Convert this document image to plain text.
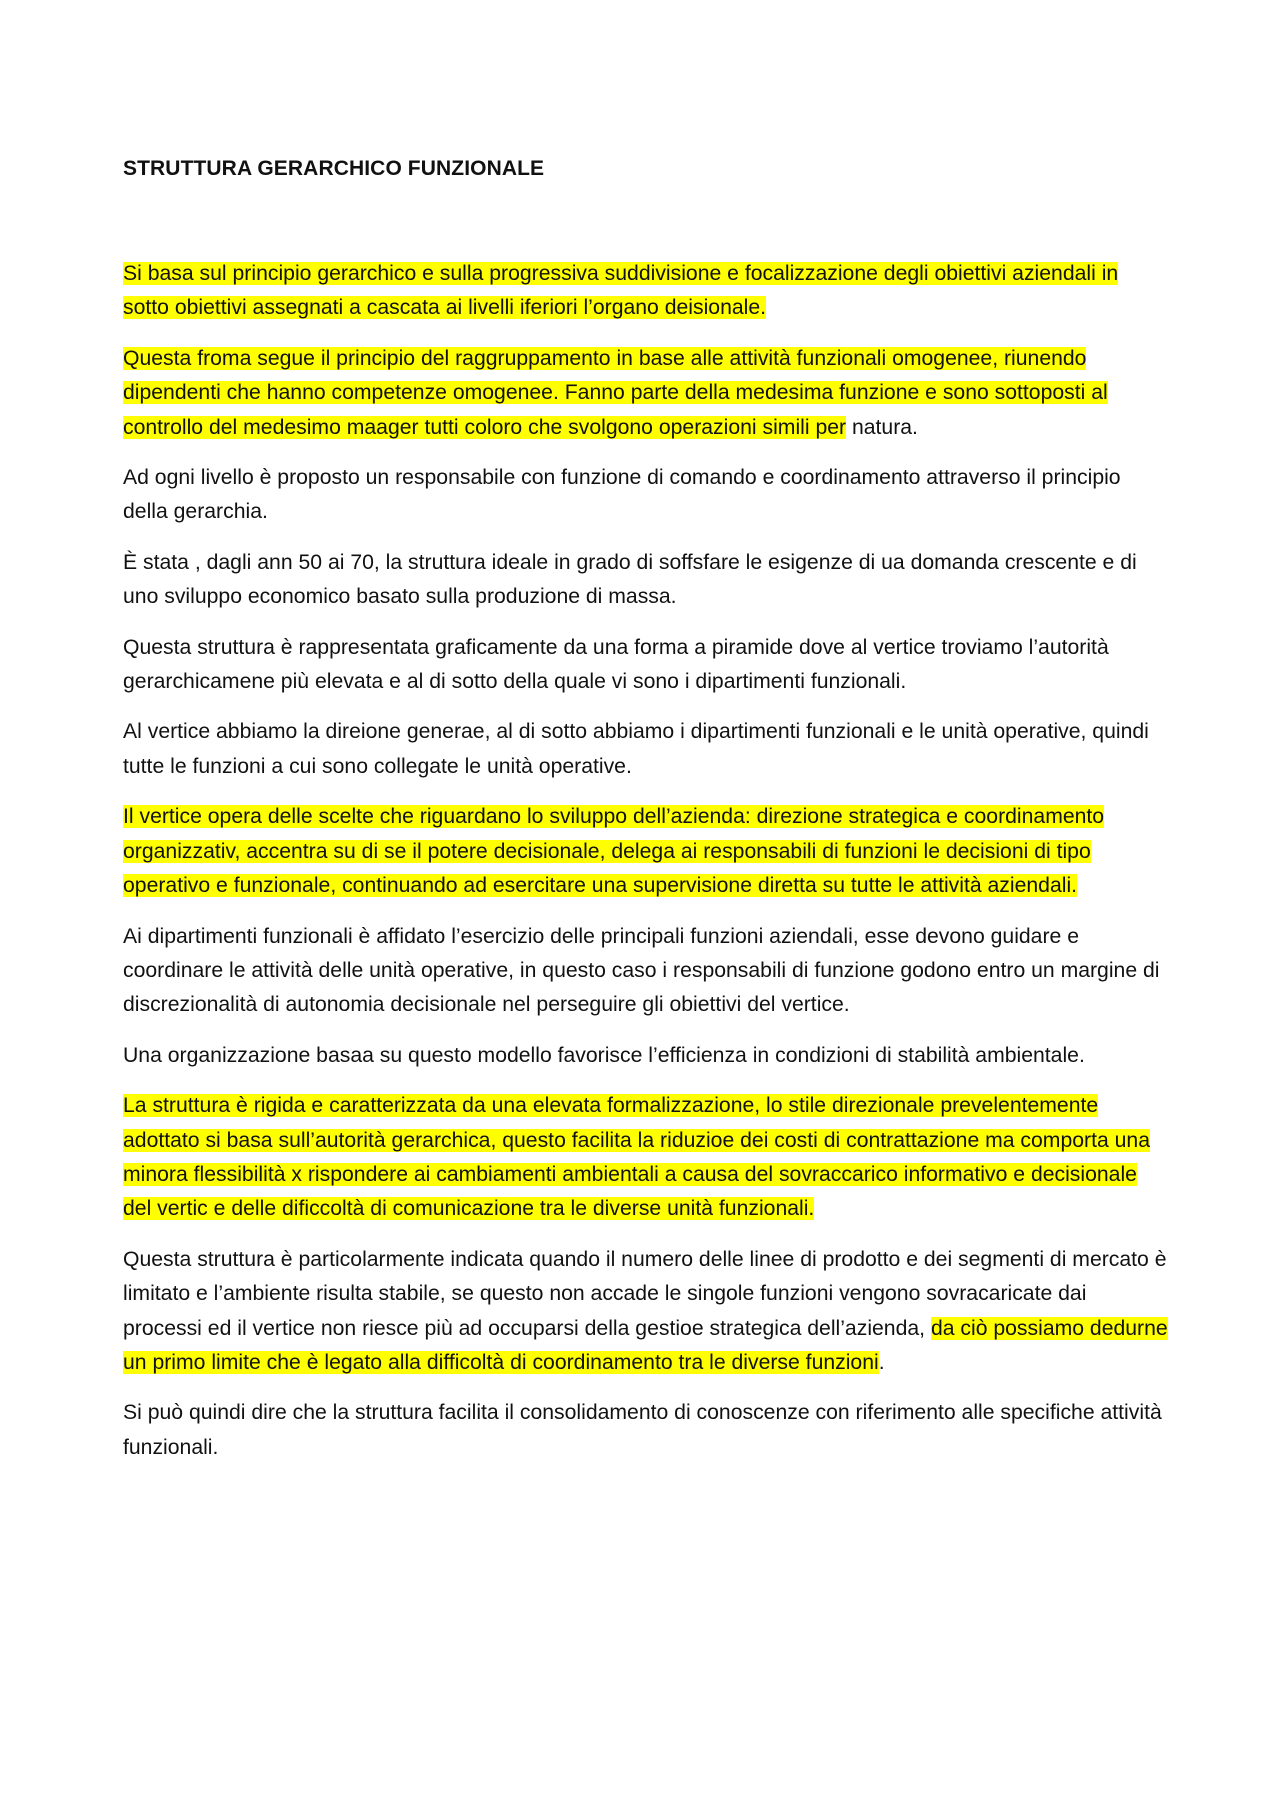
STRUTTURA GERARCHICO FUNZIONALE

Si basa sul principio gerarchico e sulla progressiva suddivisione e focalizzazione degli obiettivi aziendali in sotto obiettivi assegnati a cascata ai livelli iferiori l’organo deisionale.

Questa froma segue il principio del raggruppamento in base alle attività funzionali omogenee, riunendo dipendenti che hanno competenze omogenee. Fanno parte della medesima funzione e sono sottoposti al controllo del medesimo maager tutti coloro che svolgono operazioni simili per natura.

Ad ogni livello è proposto un responsabile con funzione di comando e coordinamento attraverso il principio della gerarchia.

È stata , dagli ann 50 ai 70, la struttura ideale in grado di soffsfare le esigenze di ua domanda crescente e di uno sviluppo economico basato sulla produzione di massa.

Questa struttura è rappresentata graficamente da una forma a piramide dove al vertice troviamo l’autorità gerarchicamene più elevata e al di sotto della quale vi sono i dipartimenti funzionali.

Al vertice abbiamo la direione generae, al di sotto abbiamo i dipartimenti funzionali e le unità operative, quindi tutte le funzioni a cui sono collegate le unità operative.

Il vertice opera delle scelte che riguardano lo sviluppo dell’azienda: direzione strategica e coordinamento organizzativ, accentra su di se il potere decisionale, delega ai responsabili di funzioni le decisioni di tipo operativo e funzionale, continuando ad esercitare una supervisione diretta su tutte le attività aziendali.

Ai dipartimenti funzionali è affidato l’esercizio delle principali funzioni aziendali, esse devono guidare e coordinare le attività delle unità operative, in questo caso i responsabili di funzione godono entro un margine di discrezionalità di autonomia decisionale nel perseguire gli obiettivi del vertice.

Una organizzazione basaa su questo modello favorisce l’efficienza in condizioni di stabilità ambientale.

La struttura è rigida e caratterizzata da una elevata formalizzazione, lo stile direzionale prevelentemente adottato si basa sull’autorità gerarchica, questo facilita la riduzioe dei costi di contrattazione ma comporta una minora flessibilità x rispondere ai cambiamenti ambientali a causa del sovraccarico informativo e decisionale del vertic e delle dificcoltà di comunicazione tra le diverse unità funzionali.

Questa struttura è particolarmente indicata quando il numero delle linee di prodotto e dei segmenti di mercato è limitato e l’ambiente risulta stabile, se questo non accade le singole funzioni vengono sovracaricate dai processi ed il vertice non riesce più ad occuparsi della gestioe strategica dell’azienda, da ciò possiamo dedurne un primo limite che è legato alla difficoltà di coordinamento tra le diverse funzioni.

Si può quindi dire che la struttura facilita il consolidamento di conoscenze con riferimento alle specifiche attività funzionali.
